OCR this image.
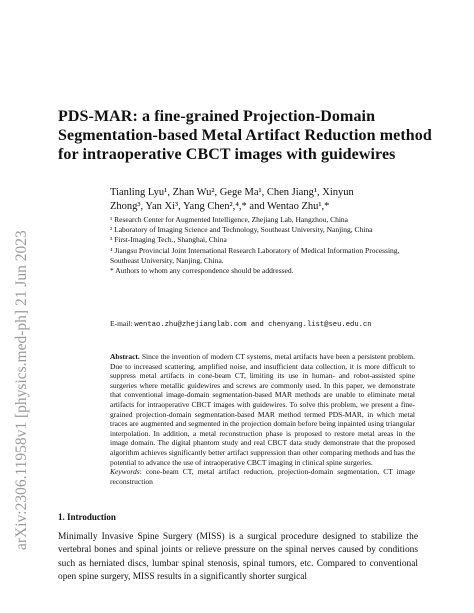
arXiv:2306.11958v1 [physics.med-ph] 21 Jun 2023
PDS-MAR: a fine-grained Projection-Domain Segmentation-based Metal Artifact Reduction method for intraoperative CBCT images with guidewires
Tianling Lyu¹, Zhan Wu², Gege Ma¹, Chen Jiang¹, Xinyun
Zhong³, Yan Xi³, Yang Chen²,⁴,* and Wentao Zhu¹,*
¹ Research Center for Augmented Intelligence, Zhejiang Lab, Hangzhou, China
² Laboratory of Imaging Science and Technology, Southeast University, Nanjing, China
³ First-Imaging Tech., Shanghai, China
⁴ Jiangsu Provincial Joint International Research Laboratory of Medical Information Processing, Southeast University, Nanjing, China.
* Authors to whom any correspondence should be addressed.
E-mail: wentao.zhu@zhejianglab.com and chenyang.list@seu.edu.cn
Abstract. Since the invention of modern CT systems, metal artifacts have been a persistent problem. Due to increased scattering, amplified noise, and insufficient data collection, it is more difficult to suppress metal artifacts in cone-beam CT, limiting its use in human- and robot-assisted spine surgeries where metallic guidewires and screws are commonly used. In this paper, we demonstrate that conventional image-domain segmentation-based MAR methods are unable to eliminate metal artifacts for intraoperative CBCT images with guidewires. To solve this problem, we present a fine-grained projection-domain segmentation-based MAR method termed PDS-MAR, in which metal traces are augmented and segmented in the projection domain before being inpainted using triangular interpolation. In addition, a metal reconstruction phase is proposed to restore metal areas in the image domain. The digital phantom study and real CBCT data study demonstrate that the proposed algorithm achieves significantly better artifact suppression than other comparing methods and has the potential to advance the use of intraoperative CBCT imaging in clinical spine surgeries.
Keywords: cone-beam CT, metal artifact reduction, projection-domain segmentation, CT image reconstruction
1. Introduction
Minimally Invasive Spine Surgery (MISS) is a surgical procedure designed to stabilize the vertebral bones and spinal joints or relieve pressure on the spinal nerves caused by conditions such as herniated discs, lumbar spinal stenosis, spinal tumors, etc. Compared to conventional open spine surgery, MISS results in a significantly shorter surgical
